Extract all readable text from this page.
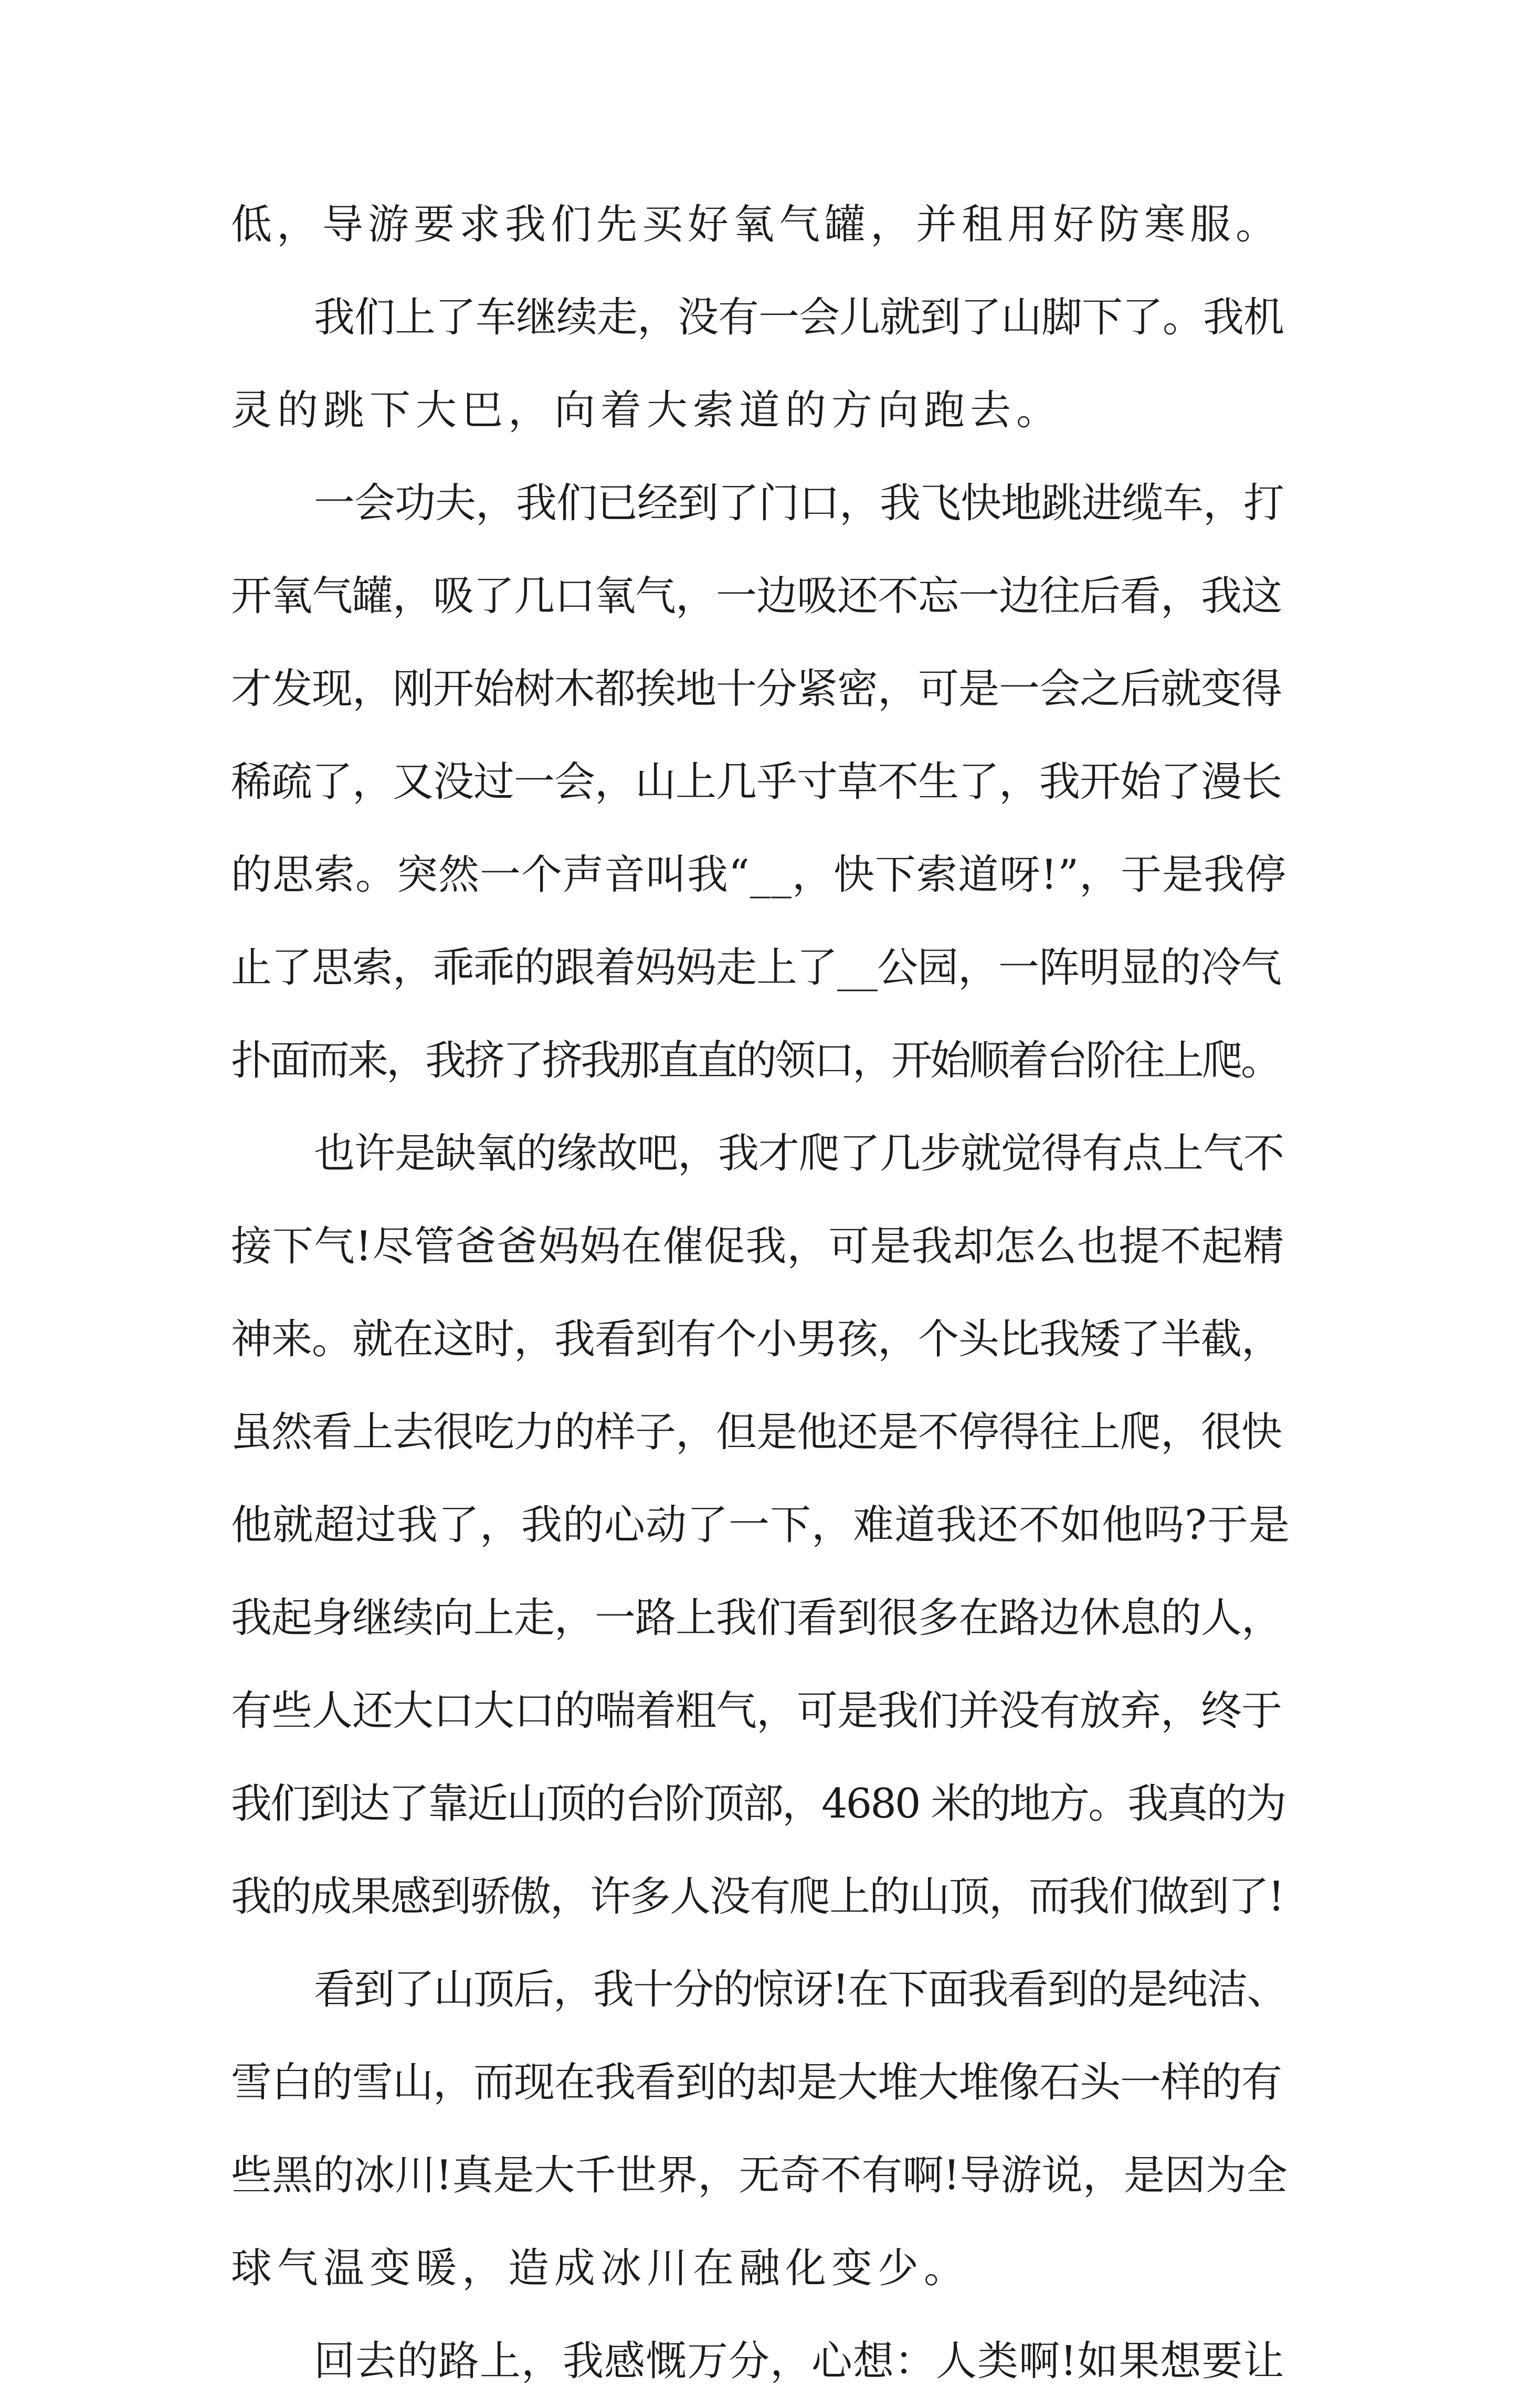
低，导游要求我们先买好氧气罐，并租用好防寒服。
我们上了车继续走，没有一会儿就到了山脚下了。我机
灵的跳下大巴，向着大索道的方向跑去。
一会功夫，我们已经到了门口，我飞快地跳进缆车，打
开氧气罐，吸了几口氧气，一边吸还不忘一边往后看，我这
才发现，刚开始树木都挨地十分紧密，可是一会之后就变得
稀疏了，又没过一会，山上几乎寸草不生了，我开始了漫长
的思索。突然一个声音叫我“__，快下索道呀!”，于是我停
止了思索，乖乖的跟着妈妈走上了__公园，一阵明显的冷气
扑面而来，我挤了挤我那直直的领口，开始顺着台阶往上爬。
也许是缺氧的缘故吧，我才爬了几步就觉得有点上气不
接下气!尽管爸爸妈妈在催促我，可是我却怎么也提不起精
神来。就在这时，我看到有个小男孩，个头比我矮了半截，
虽然看上去很吃力的样子，但是他还是不停得往上爬，很快
他就超过我了，我的心动了一下，难道我还不如他吗?于是
我起身继续向上走，一路上我们看到很多在路边休息的人，
有些人还大口大口的喘着粗气，可是我们并没有放弃，终于
我们到达了靠近山顶的台阶顶部，4680 米的地方。我真的为
我的成果感到骄傲，许多人没有爬上的山顶，而我们做到了!
看到了山顶后，我十分的惊讶!在下面我看到的是纯洁、
雪白的雪山，而现在我看到的却是大堆大堆像石头一样的有
些黑的冰川!真是大千世界，无奇不有啊!导游说，是因为全
球气温变暖，造成冰川在融化变少。
回去的路上，我感慨万分，心想：人类啊!如果想要让
